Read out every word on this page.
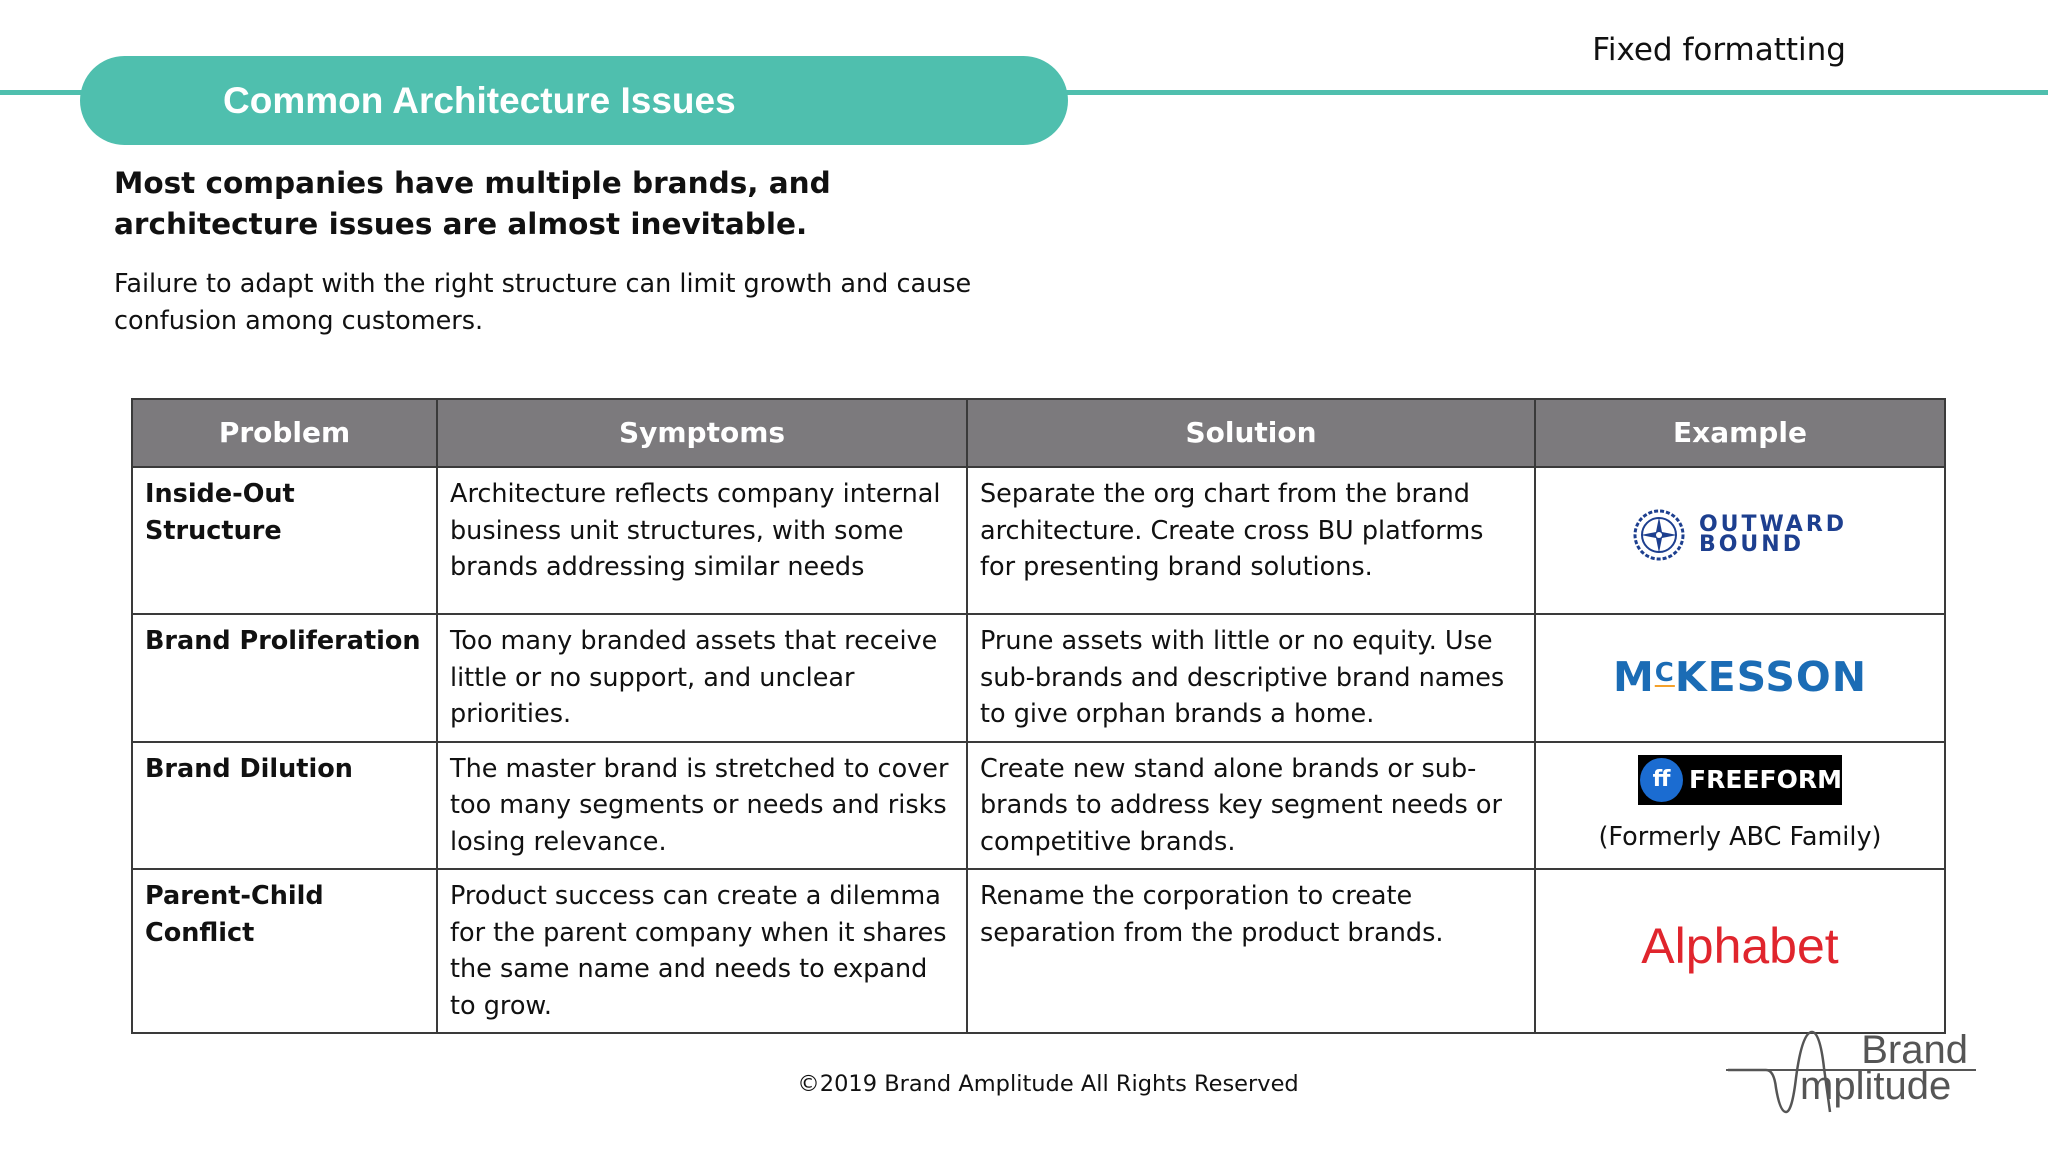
Common Architecture Issues
Fixed formatting
Most companies have multiple brands, and architecture issues are almost inevitable.
Failure to adapt with the right structure can limit growth and cause confusion among customers.
Problem	Symptoms	Solution	Example
Inside-Out Structure	Architecture reflects company internal business unit structures, with some brands addressing similar needs	Separate the org chart from the brand architecture. Create cross BU platforms for presenting brand solutions.	OUTWARD
BOUND

Brand Proliferation	Too many branded assets that receive little or no support, and unclear priorities.	Prune assets with little or no equity. Use sub-brands and descriptive brand names to give orphan brands a home.	$M^CKESSON$
Brand Dilution	The master brand is stretched to cover too many segments or needs and risks losing relevance.	Create new stand alone brands or sub-brands to address key segment needs or competitive brands.	ff FREEFORM
(Formerly ABC Family)

Parent-Child Conflict	Product success can create a dilemma for the parent company when it shares the same name and needs to expand to grow.	Rename the corporation to create separation from the product brands.	Alphabet
©2019 Brand Amplitude All Rights Reserved
Brand
mplitude
